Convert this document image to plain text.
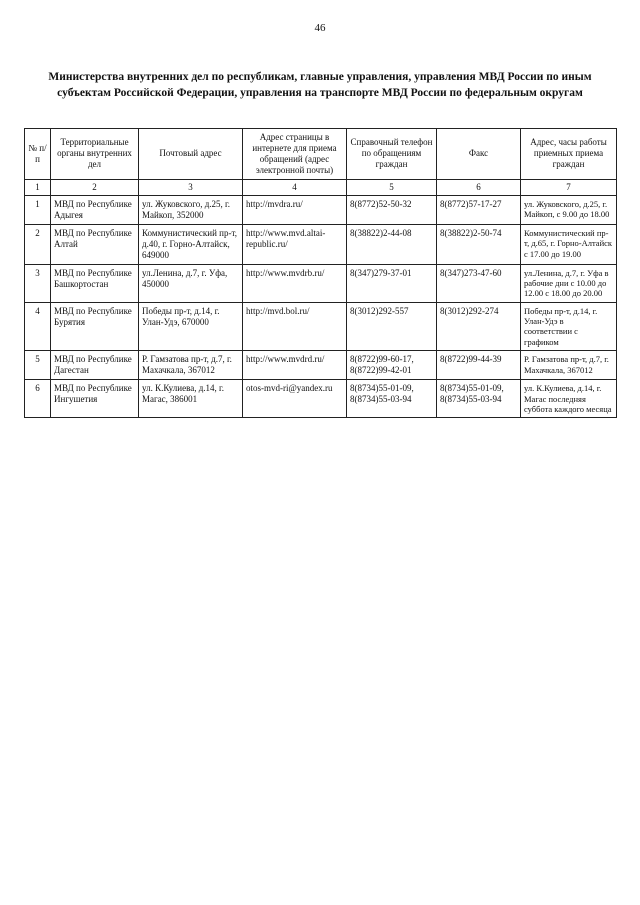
46
Министерства внутренних дел по республикам, главные управления, управления МВД России по иным субъектам Российской Федерации, управления на транспорте МВД России по федеральным округам
№ п/п	Территориальные органы внутренних дел	Почтовый адрес	Адрес страницы в интернете для приема обращений (адрес электронной почты)	Справочный телефон по обращениям граждан	Факс	Адрес, часы работы приемных приема граждан
1	2	3	4	5	6	7
1	МВД по Республике Адыгея	ул. Жуковского, д.25, г. Майкоп, 352000	http://mvdra.ru/	8(8772)52-50-32	8(8772)57-17-27	ул. Жуковского, д.25, г. Майкоп, с 9.00 до 18.00
2	МВД по Республике Алтай	Коммунистический пр-т, д.40, г. Горно-Алтайск, 649000	http://www.mvd.altai-republic.ru/	8(38822)2-44-08	8(38822)2-50-74	Коммунистический пр-т, д.65, г. Горно-Алтайск с 17.00 до 19.00
3	МВД по Республике Башкортостан	ул.Ленина, д.7, г. Уфа, 450000	http://www.mvdrb.ru/	8(347)279-37-01	8(347)273-47-60	ул.Ленина, д.7, г. Уфа в рабочие дни с 10.00 до 12.00 с 18.00 до 20.00
4	МВД по Республике Бурятия	Победы пр-т, д.14, г. Улан-Удэ, 670000	http://mvd.bol.ru/	8(3012)292-557	8(3012)292-274	Победы пр-т, д.14, г. Улан-Удэ в соответствии с графиком
5	МВД по Республике Дагестан	Р. Гамзатова пр-т, д.7, г. Махачкала, 367012	http://www.mvdrd.ru/	8(8722)99-60-17, 8(8722)99-42-01	8(8722)99-44-39	Р. Гамзатова пр-т, д.7, г. Махачкала, 367012
6	МВД по Республике Ингушетия	ул. К.Кулиева, д.14, г. Магас, 386001	otos-mvd-ri@yandex.ru	8(8734)55-01-09, 8(8734)55-03-94	8(8734)55-01-09, 8(8734)55-03-94	ул. К.Кулиева, д.14, г. Магас последняя суббота каждого месяца
